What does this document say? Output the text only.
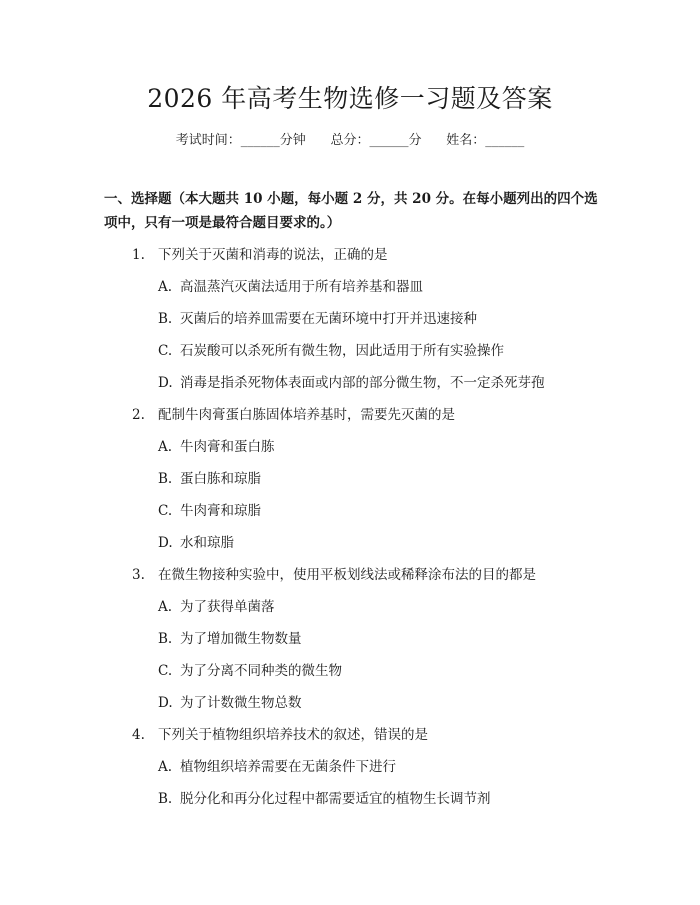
2026 年高考生物选修一习题及答案
考试时间：______分钟      总分：______分      姓名：______
一、选择题（本大题共 10 小题，每小题 2 分，共 20 分。在每小题列出的四个选项中，只有一项是最符合题目要求的。）
1. 下列关于灭菌和消毒的说法，正确的是
A. 高温蒸汽灭菌法适用于所有培养基和器皿
B. 灭菌后的培养皿需要在无菌环境中打开并迅速接种
C. 石炭酸可以杀死所有微生物，因此适用于所有实验操作
D. 消毒是指杀死物体表面或内部的部分微生物，不一定杀死芽孢
2. 配制牛肉膏蛋白胨固体培养基时，需要先灭菌的是
A. 牛肉膏和蛋白胨
B. 蛋白胨和琼脂
C. 牛肉膏和琼脂
D. 水和琼脂
3. 在微生物接种实验中，使用平板划线法或稀释涂布法的目的都是
A. 为了获得单菌落
B. 为了增加微生物数量
C. 为了分离不同种类的微生物
D. 为了计数微生物总数
4. 下列关于植物组织培养技术的叙述，错误的是
A. 植物组织培养需要在无菌条件下进行
B. 脱分化和再分化过程中都需要适宜的植物生长调节剂
